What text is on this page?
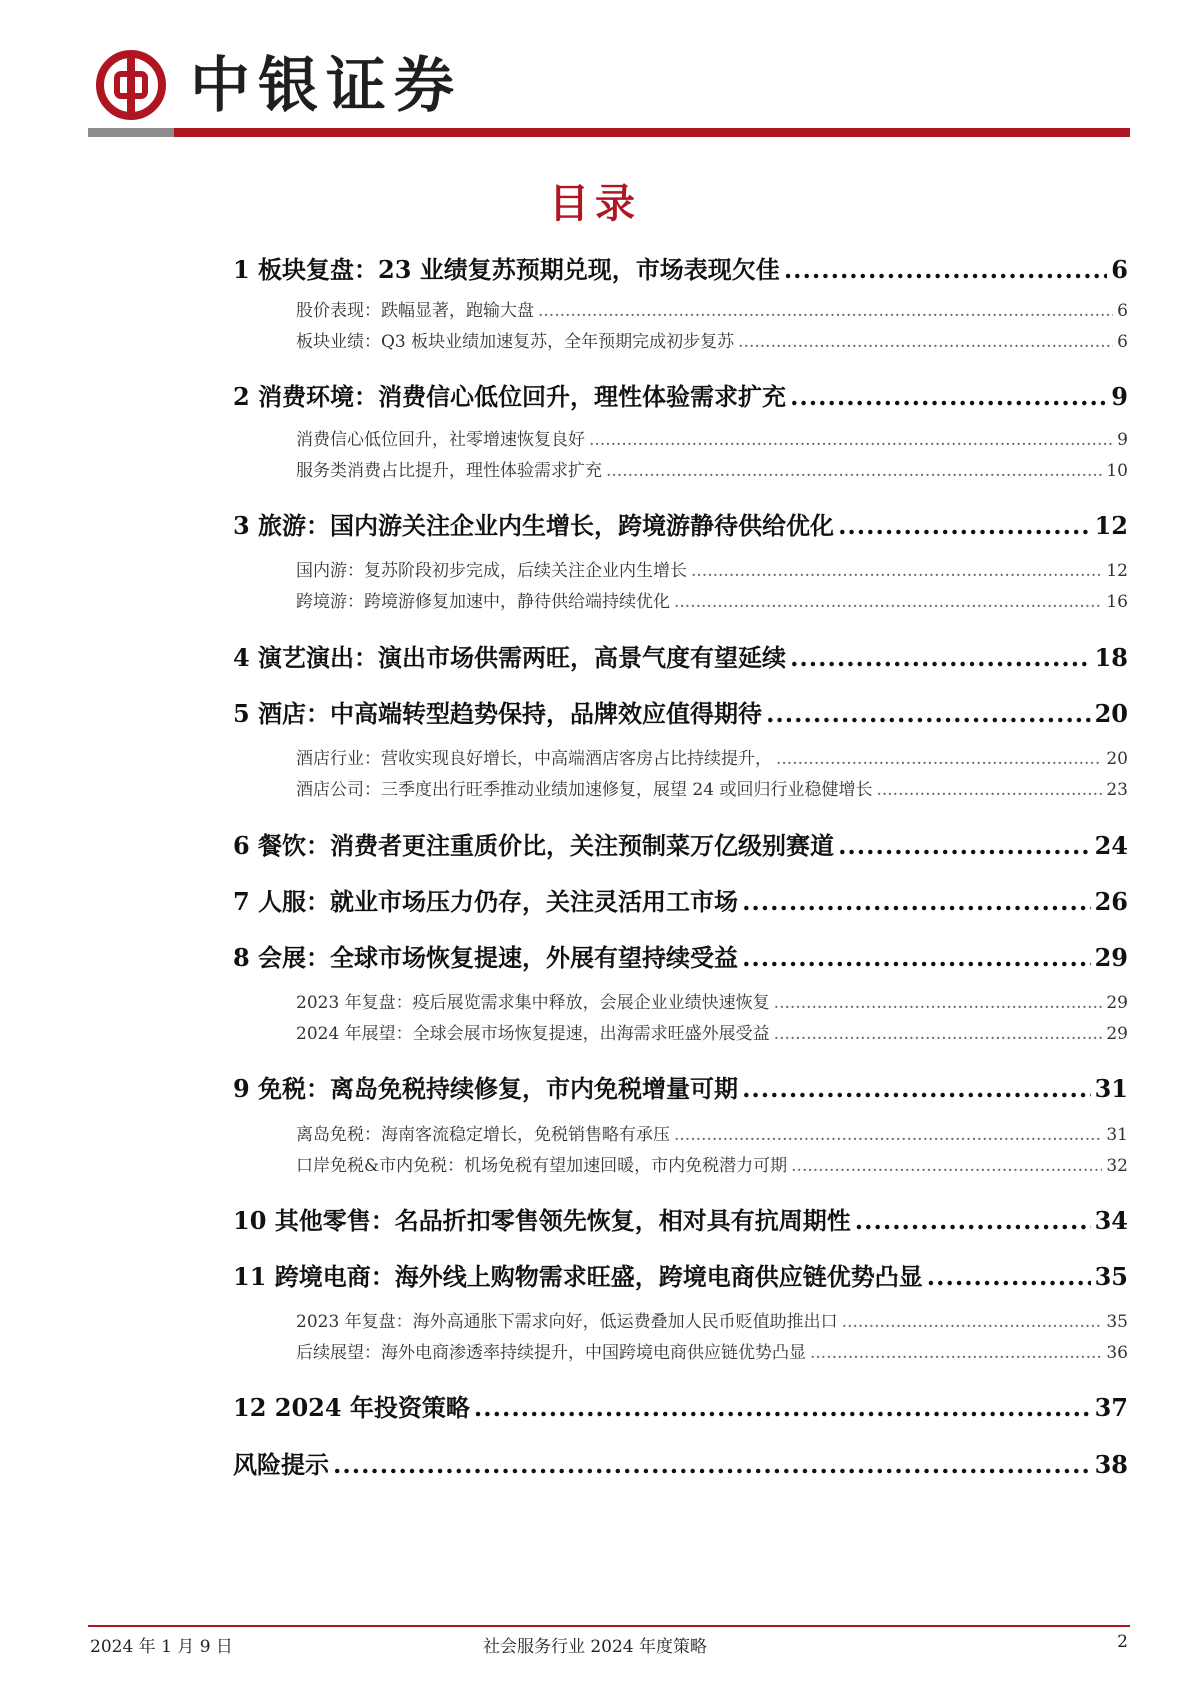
中银证券
目录
1 板块复盘：23 业绩复苏预期兑现，市场表现欠佳 .....	6
股价表现：跌幅显著，跑输大盘 .....	6
板块业绩：Q3 板块业绩加速复苏，全年预期完成初步复苏 .....	6
2 消费环境：消费信心低位回升，理性体验需求扩充 .....	9
消费信心低位回升，社零增速恢复良好 .....	9
服务类消费占比提升，理性体验需求扩充 .....	10
3 旅游：国内游关注企业内生增长，跨境游静待供给优化 .....	12
国内游：复苏阶段初步完成，后续关注企业内生增长 .....	12
跨境游：跨境游修复加速中，静待供给端持续优化 .....	16
4 演艺演出：演出市场供需两旺，高景气度有望延续 .....	18
5 酒店：中高端转型趋势保持，品牌效应值得期待 .....	20
酒店行业：营收实现良好增长，中高端酒店客房占比持续提升， .....	20
酒店公司：三季度出行旺季推动业绩加速修复，展望 24 或回归行业稳健增长 .....	23
6 餐饮：消费者更注重质价比，关注预制菜万亿级别赛道 .....	24
7 人服：就业市场压力仍存，关注灵活用工市场 .....	26
8 会展：全球市场恢复提速，外展有望持续受益 .....	29
2023 年复盘：疫后展览需求集中释放，会展企业业绩快速恢复 .....	29
2024 年展望：全球会展市场恢复提速，出海需求旺盛外展受益 .....	29
9 免税：离岛免税持续修复，市内免税增量可期 .....	31
离岛免税：海南客流稳定增长，免税销售略有承压 .....	31
口岸免税&市内免税：机场免税有望加速回暖，市内免税潜力可期 .....	32
10 其他零售：名品折扣零售领先恢复，相对具有抗周期性 .....	34
11 跨境电商：海外线上购物需求旺盛，跨境电商供应链优势凸显 .....	35
2023 年复盘：海外高通胀下需求向好，低运费叠加人民币贬值助推出口 .....	35
后续展望：海外电商渗透率持续提升，中国跨境电商供应链优势凸显 .....	36
12 2024 年投资策略 .....	37
风险提示 .....	38
2024 年 1 月 9 日	社会服务行业 2024 年度策略	2
